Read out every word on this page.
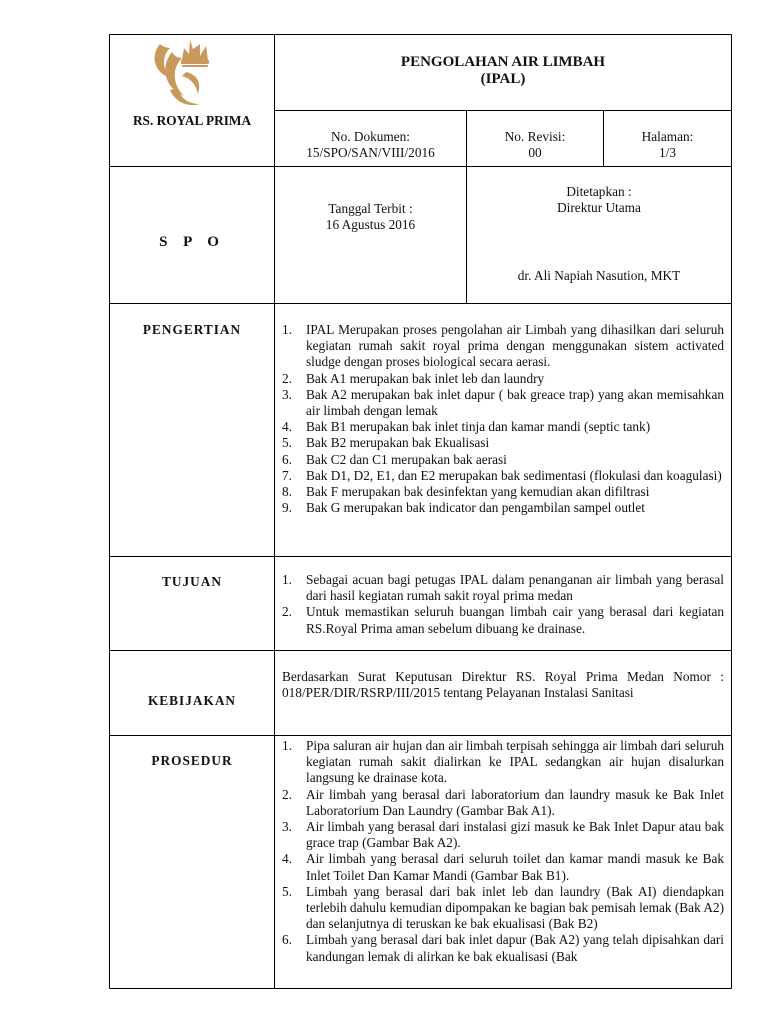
RS. ROYAL PRIMA
PENGOLAHAN AIR LIMBAH
(IPAL)
No. Dokumen:
15/SPO/SAN/VIII/2016
No. Revisi:
00
Halaman:
1/3
S P O
Tanggal Terbit :
16 Agustus 2016
Ditetapkan :
Direktur Utama
dr. Ali Napiah Nasution, MKT
PENGERTIAN	1. IPAL Merupakan proses pengolahan air Limbah yang dihasilkan dari seluruh kegiatan rumah sakit royal prima dengan menggunakan sistem activated sludge dengan proses biological secara aerasi.
2. Bak A1 merupakan bak inlet leb dan laundry
3. Bak A2 merupakan bak inlet dapur ( bak greace trap) yang akan memisahkan air limbah dengan lemak
4. Bak B1 merupakan bak inlet tinja dan kamar mandi (septic tank)
5. Bak B2 merupakan bak Ekualisasi
6. Bak C2 dan C1 merupakan bak aerasi
7. Bak D1, D2, E1, dan E2 merupakan bak sedimentasi (flokulasi dan koagulasi)
8. Bak F merupakan bak desinfektan yang kemudian akan difiltrasi
9. Bak G merupakan bak indicator dan pengambilan sampel outlet
TUJUAN	1. Sebagai acuan bagi petugas IPAL dalam penanganan air limbah yang berasal dari hasil kegiatan rumah sakit royal prima medan
2. Untuk memastikan seluruh buangan limbah cair yang berasal dari kegiatan RS.Royal Prima aman sebelum dibuang ke drainase.
KEBIJAKAN
Berdasarkan Surat Keputusan Direktur RS. Royal Prima Medan Nomor : 018/PER/DIR/RSRP/III/2015 tentang Pelayanan Instalasi Sanitasi
PROSEDUR
1. Pipa saluran air hujan dan air limbah terpisah sehingga air limbah dari seluruh kegiatan rumah sakit dialirkan ke IPAL sedangkan air hujan disalurkan langsung ke drainase kota.
2. Air limbah yang berasal dari laboratorium dan laundry masuk ke Bak Inlet Laboratorium Dan Laundry (Gambar Bak A1).
3. Air limbah yang berasal dari instalasi gizi masuk ke Bak Inlet Dapur atau bak grace trap (Gambar Bak A2).
4. Air limbah yang berasal dari seluruh toilet dan kamar mandi masuk ke Bak Inlet Toilet Dan Kamar Mandi (Gambar Bak B1).
5. Limbah yang berasal dari bak inlet leb dan laundry (Bak AI) diendapkan terlebih dahulu kemudian dipompakan ke bagian bak pemisah lemak (Bak A2) dan selanjutnya di teruskan ke bak ekualisasi (Bak B2)
6. Limbah yang berasal dari bak inlet dapur (Bak A2) yang telah dipisahkan dari kandungan lemak di alirkan ke bak ekualisasi (Bak
